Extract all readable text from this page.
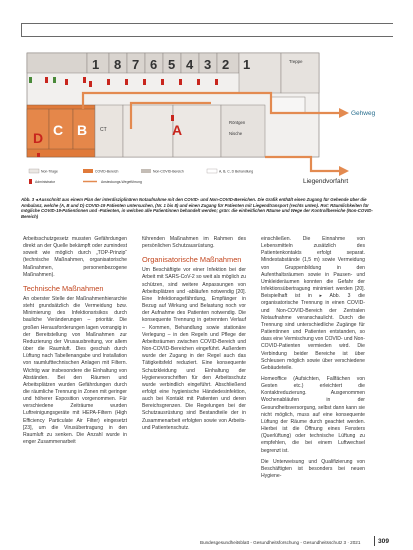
1 8 7 6 5 4 3 2 1
D C B	A
CT
Treppe
Röntgen
Nische
Gehweg
Liegendvorfahrt
Non-Triage	COVID-Bereich	Non-COVID-Bereich	A, B, C, D Behandlung
Administrator	Ansteckungs-Wegeführung
Abb. 3 ◂ Ausschnitt aus einem Plan der interdisziplinären Notaufnahme mit den COVID- und Non-COVID-Bereichen. Die Grafik enthält einen Zugang für Gehende über die Ambulanz, welche (A, B und D) COVID-19 Patienten untersuchen, (Nr. 1 bis 8) und einen Zugang für Patienten mit Liegendtransport (rechts unten). Rot: Räumlichkeiten für mögliche COVID-19-Patientinnen und -Patienten, in welchen alle Patientinnen behandelt werden; grün: die einheitlichen Räume und Wege der Kontrollbereiche (Non-COVID-Bereich)

Arbeitsschutzgesetz mussten Gefährdungen direkt an der Quelle bekämpft oder zumindest soweit wie möglich durch „TOP-Prinzip“ (technische Maßnahmen, organisatorische Maßnahmen, personenbezogene Maßnahmen).

Technische Maßnahmen

An oberster Stelle der Maßnahmenhierarchie steht grundsätzlich die Vermeidung bzw. Minimierung des Infektionsrisikos durch bauliche Veränderungen – prioritär. Die großen Herausforderungen lagen vorrangig in der Bereitstellung von Maßnahmen zur Reduzierung der Virusausbreitung, vor allem über die Raumluft. Dies geschah durch Lüftung nach Tabellenangabe und Installation von raumlufttechnischen Anlagen mit Filtern. Wichtig war insbesondere die Einhaltung von Abständen. Bei den Räumen und Arbeitsplätzen wurden Gefährdungen durch die räumliche Trennung in Zonen mit geringer und höherer Exposition vorgenommen. Für verschiedene Zeiträume wurden Luftreinigungsgeräte mit HEPA-Filtern (High Efficiency Particulate Air Filter) eingesetzt [23], um die Virusübertragung in den Raumluft zu senken. Die Anzahl wurde in enger Zusammenarbeit

führenden Maßnahmen im Rahmen des persönlichen Schutzausrüstung.

Organisatorische Maßnahmen

Um Beschäftigte vor einer Infektion bei der Arbeit mit SARS-CoV-2 so weit als möglich zu schützen, sind weitere Anpassungen von Arbeitsplätzen und -abläufen notwendig [20]. Eine Infektionsgefährdung, Empfänger in Bezug auf Wirkung und Belastung noch vor der Aufnahme des Patienten notwendig. Die konsequente Trennung in getrennten Verlauf – Kommen, Behandlung sowie stationäre Verlegung – in den Regeln und Pflege der Arbeitsräumen zwischen COVID-Bereich und Non-COVID-Bereichen eingeführt. Außerdem wurde der Zugang in der Regel auch das Tätigkeitsfeld reduziert. Eine konsequente Schutzkleidung und Einhaltung der Hygienevorschriften für den Arbeitsschutz wurde verbindlich eingeführt. Abschließend erfolgt eine hygienische Händedesinfektion, auch bei Kontakt mit Patienten und deren Bereichsgrenzen. Die Regelungen bei der Schutzausrüstung sind Bestandteile der in Zusammenarbeit erfolgten sowie von Arbeits- und Patientenschutz.

einschließen. Die Einnahme von Lebensmitteln zusätzlich des Patientenkontakts erfolgt separat. Mindestabstände (1,5 m) sowie Vermeidung von Gruppenbildung in den Aufenthaltsräumen sowie in Pausen- und Umkleideräumen konnten die Gefahr der Infektionsübertragung minimiert werden [20]. Beispielhaft ist in ▸ Abb. 3 die organisatorische Trennung in einen COVID- und Non-COVID-Bereich der Zentralen Notaufnahme veranschaulicht. Durch die Trennung sind unterschiedliche Zugänge für Patientinnen und Patienten entstanden, so dass eine Vermischung von COVID- und Non-COVID-Patienten vermieden wird. Die Verbindung beider Bereiche ist über Schleusen möglich sowie über verschiedene Gebäudeteile.

Homeoffice (Aufsichten, Fallfächen von Gesten etc.) erleichtert die Kontaktreduzierung. Ausgenommen Wochenabläufen in der Gesundheitsversorgung, selbst dann kann sie nicht möglich, muss auf eine konsequente Lüftung der Räume durch geachtet werden. Hierbei ist die Öffnung eines Fensters (Querlüftung) oder technische Lüftung zu empfehlen, die bei einem Luftwechsel begrenzt ist.

Die Unterweisung und Qualifizierung von Beschäftigten ist besonders bei neuen Hygiene-

Bundesgesundheitsblatt - Gesundheitsforschung - Gesundheitsschutz 3 · 2021	309
